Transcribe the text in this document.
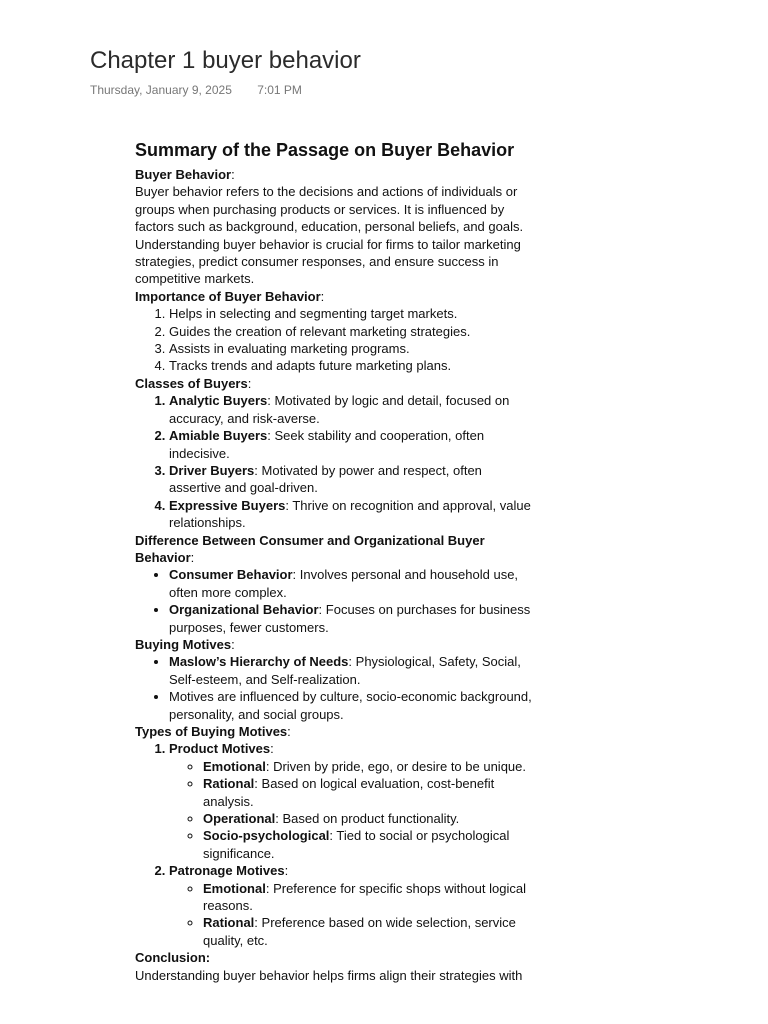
Chapter 1 buyer behavior
Thursday, January 9, 2025 7:01 PM
Summary of the Passage on Buyer Behavior

Buyer Behavior:

Buyer behavior refers to the decisions and actions of individuals or groups when purchasing products or services. It is influenced by factors such as background, education, personal beliefs, and goals. Understanding buyer behavior is crucial for firms to tailor marketing strategies, predict consumer responses, and ensure success in competitive markets.

Importance of Buyer Behavior:

1. Helps in selecting and segmenting target markets.
2. Guides the creation of relevant marketing strategies.
3. Assists in evaluating marketing programs.
4. Tracks trends and adapts future marketing plans.

Classes of Buyers:

1. Analytic Buyers: Motivated by logic and detail, focused on accuracy, and risk-averse.
2. Amiable Buyers: Seek stability and cooperation, often indecisive.
3. Driver Buyers: Motivated by power and respect, often assertive and goal-driven.
4. Expressive Buyers: Thrive on recognition and approval, value relationships.

Difference Between Consumer and Organizational Buyer Behavior:

• Consumer Behavior: Involves personal and household use, often more complex.
• Organizational Behavior: Focuses on purchases for business purposes, fewer customers.

Buying Motives:

• Maslow’s Hierarchy of Needs: Physiological, Safety, Social, Self-esteem, and Self-realization.
• Motives are influenced by culture, socio-economic background, personality, and social groups.

Types of Buying Motives:

1. Product Motives:
◦ Emotional: Driven by pride, ego, or desire to be unique.
◦ Rational: Based on logical evaluation, cost-benefit analysis.
◦ Operational: Based on product functionality.
◦ Socio-psychological: Tied to social or psychological significance.
2. Patronage Motives:
◦ Emotional: Preference for specific shops without logical reasons.
◦ Rational: Preference based on wide selection, service quality, etc.

Conclusion:

Understanding buyer behavior helps firms align their strategies with
